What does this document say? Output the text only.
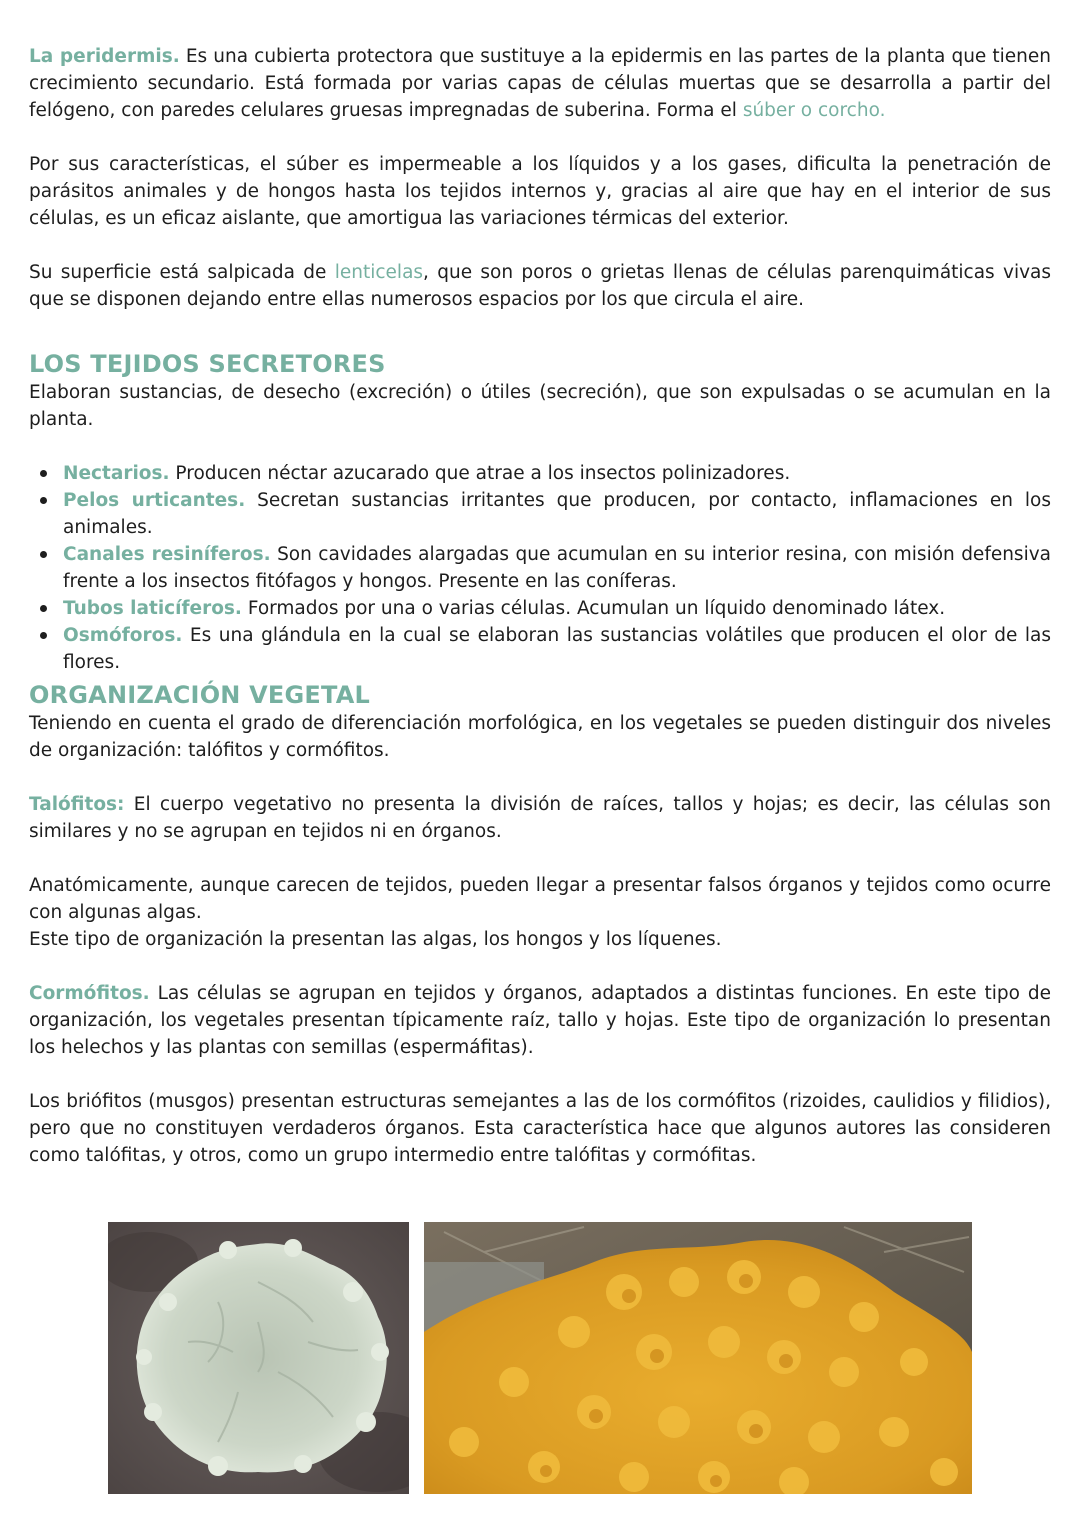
La peridermis. Es una cubierta protectora que sustituye a la epidermis en las partes de la planta que tienen crecimiento secundario. Está formada por varias capas de células muertas que se desarrolla a partir del felógeno, con paredes celulares gruesas impregnadas de suberina. Forma el súber o corcho.

Por sus características, el súber es impermeable a los líquidos y a los gases, dificulta la penetración de parásitos animales y de hongos hasta los tejidos internos y, gracias al aire que hay en el interior de sus células, es un eficaz aislante, que amortigua las variaciones térmicas del exterior.

Su superficie está salpicada de lenticelas, que son poros o grietas llenas de células parenquimáticas vivas que se disponen dejando entre ellas numerosos espacios por los que circula el aire.

LOS TEJIDOS SECRETORES

Elaboran sustancias, de desecho (excreción) o útiles (secreción), que son expulsadas o se acumulan en la planta.

Nectarios. Producen néctar azucarado que atrae a los insectos polinizadores.
Pelos urticantes. Secretan sustancias irritantes que producen, por contacto, inflamaciones en los animales.
Canales resiníferos. Son cavidades alargadas que acumulan en su interior resina, con misión defensiva frente a los insectos fitófagos y hongos. Presente en las coníferas.
Tubos laticíferos. Formados por una o varias células. Acumulan un líquido denominado látex.
Osmóforos. Es una glándula en la cual se elaboran las sustancias volátiles que producen el olor de las flores.
ORGANIZACIÓN VEGETAL

Teniendo en cuenta el grado de diferenciación morfológica, en los vegetales se pueden distinguir dos niveles de organización: talófitos y cormófitos.

Talófitos: El cuerpo vegetativo no presenta la división de raíces, tallos y hojas; es decir, las células son similares y no se agrupan en tejidos ni en órganos.

Anatómicamente, aunque carecen de tejidos, pueden llegar a presentar falsos órganos y tejidos como ocurre con algunas algas.

Este tipo de organización la presentan las algas, los hongos y los líquenes.

Cormófitos. Las células se agrupan en tejidos y órganos, adaptados a distintas funciones. En este tipo de organización, los vegetales presentan típicamente raíz, tallo y hojas. Este tipo de organización lo presentan los helechos y las plantas con semillas (espermáfitas).

Los briófitos (musgos) presentan estructuras semejantes a las de los cormófitos (rizoides, caulidios y filidios), pero que no constituyen verdaderos órganos. Esta característica hace que algunos autores las consideren como talófitas, y otros, como un grupo intermedio entre talófitas y cormófitas.
